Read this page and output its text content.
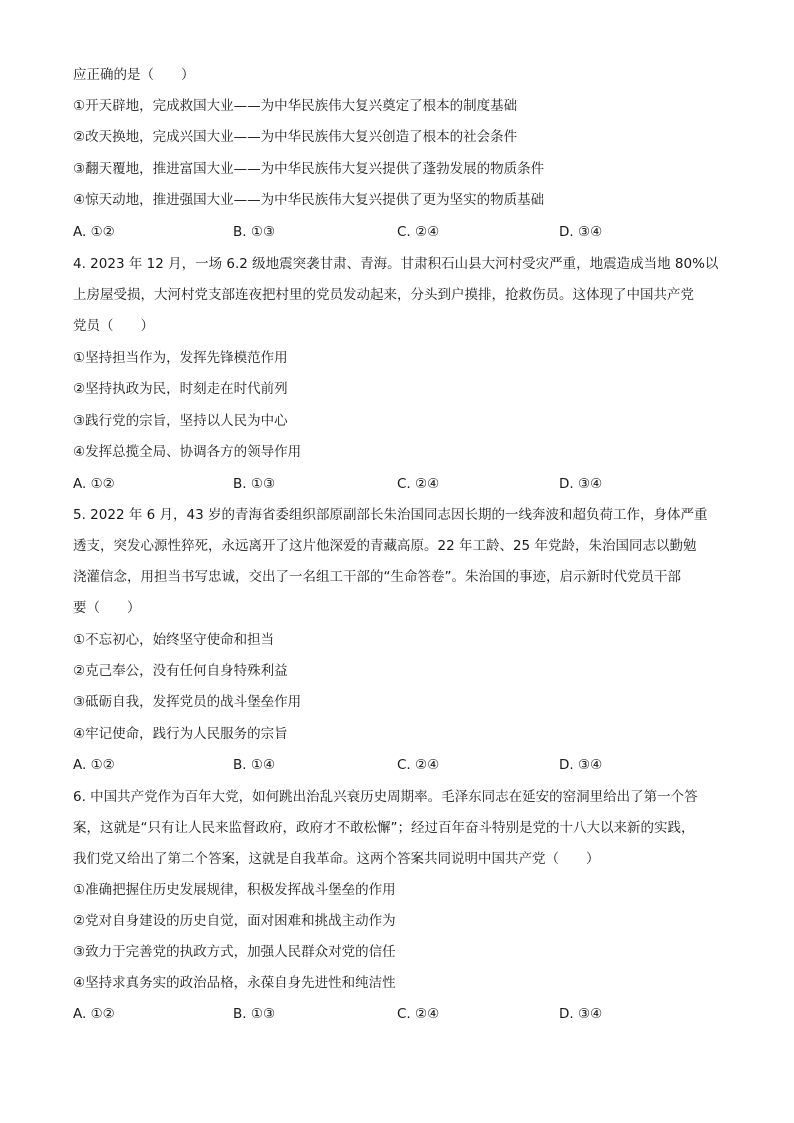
应正确的是（　　）
①开天辟地，完成救国大业——为中华民族伟大复兴奠定了根本的制度基础
②改天换地，完成兴国大业——为中华民族伟大复兴创造了根本的社会条件
③翻天覆地，推进富国大业——为中华民族伟大复兴提供了蓬勃发展的物质条件
④惊天动地，推进强国大业——为中华民族伟大复兴提供了更为坚实的物质基础
A. ①②	B. ①③	C. ②④	D. ③④
4. 2023 年 12 月，一场 6.2 级地震突袭甘肃、青海。甘肃积石山县大河村受灾严重，地震造成当地 80%以
上房屋受损，大河村党支部连夜把村里的党员发动起来，分头到户摸排，抢救伤员。这体现了中国共产党
党员（　　）
①坚持担当作为，发挥先锋模范作用
②坚持执政为民，时刻走在时代前列
③践行党的宗旨，坚持以人民为中心
④发挥总揽全局、协调各方的领导作用
A. ①②	B. ①③	C. ②④	D. ③④
5. 2022 年 6 月，43 岁的青海省委组织部原副部长朱治国同志因长期的一线奔波和超负荷工作，身体严重
透支，突发心源性猝死，永远离开了这片他深爱的青藏高原。22 年工龄、25 年党龄，朱治国同志以勤勉
浇灌信念，用担当书写忠诚，交出了一名组工干部的“生命答卷”。朱治国的事迹，启示新时代党员干部
要（　　）
①不忘初心，始终坚守使命和担当
②克己奉公，没有任何自身特殊利益
③砥砺自我，发挥党员的战斗堡垒作用
④牢记使命，践行为人民服务的宗旨
A. ①②	B. ①④	C. ②④	D. ③④
6. 中国共产党作为百年大党，如何跳出治乱兴衰历史周期率。毛泽东同志在延安的窑洞里给出了第一个答
案，这就是“只有让人民来监督政府，政府才不敢松懈”；经过百年奋斗特别是党的十八大以来新的实践，
我们党又给出了第二个答案，这就是自我革命。这两个答案共同说明中国共产党（　　）
①准确把握住历史发展规律，积极发挥战斗堡垒的作用
②党对自身建设的历史自觉，面对困难和挑战主动作为
③致力于完善党的执政方式，加强人民群众对党的信任
④坚持求真务实的政治品格，永葆自身先进性和纯洁性
A. ①②	B. ①③	C. ②④	D. ③④
